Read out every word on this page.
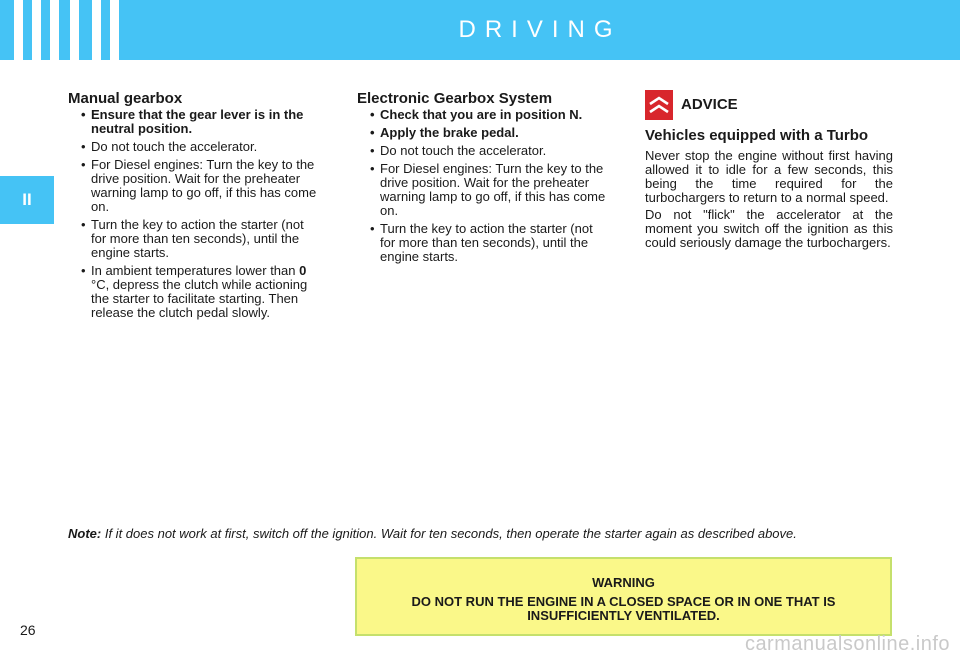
DRIVING
II
Manual gearbox
• Ensure that the gear lever is in the neutral position.
• Do not touch the accelerator.
• For Diesel engines: Turn the key to the drive position. Wait for the preheater warning lamp to go off, if this has come on.
• Turn the key to action the starter (not for more than ten seconds), until the engine starts.
• In ambient temperatures lower than 0 °C, depress the clutch while actioning the starter to facilitate starting. Then release the clutch pedal slowly.
Electronic Gearbox System
• Check that you are in position N.
• Apply the brake pedal.
• Do not touch the accelerator.
• For Diesel engines: Turn the key to the drive position. Wait for the preheater warning lamp to go off, if this has come on.
• Turn the key to action the starter (not for more than ten seconds), until the engine starts.
ADVICE
Vehicles equipped with a Turbo

Never stop the engine without first having allowed it to idle for a few seconds, this being the time required for the turbochargers to return to a normal speed.

Do not "flick" the accelerator at the moment you switch off the ignition as this could seriously damage the turbochargers.

Note: If it does not work at first, switch off the ignition. Wait for ten seconds, then operate the starter again as described above.
WARNING
DO NOT RUN THE ENGINE IN A CLOSED SPACE OR IN ONE THAT IS INSUFFICIENTLY VENTILATED.
26
carmanualsonline.info
